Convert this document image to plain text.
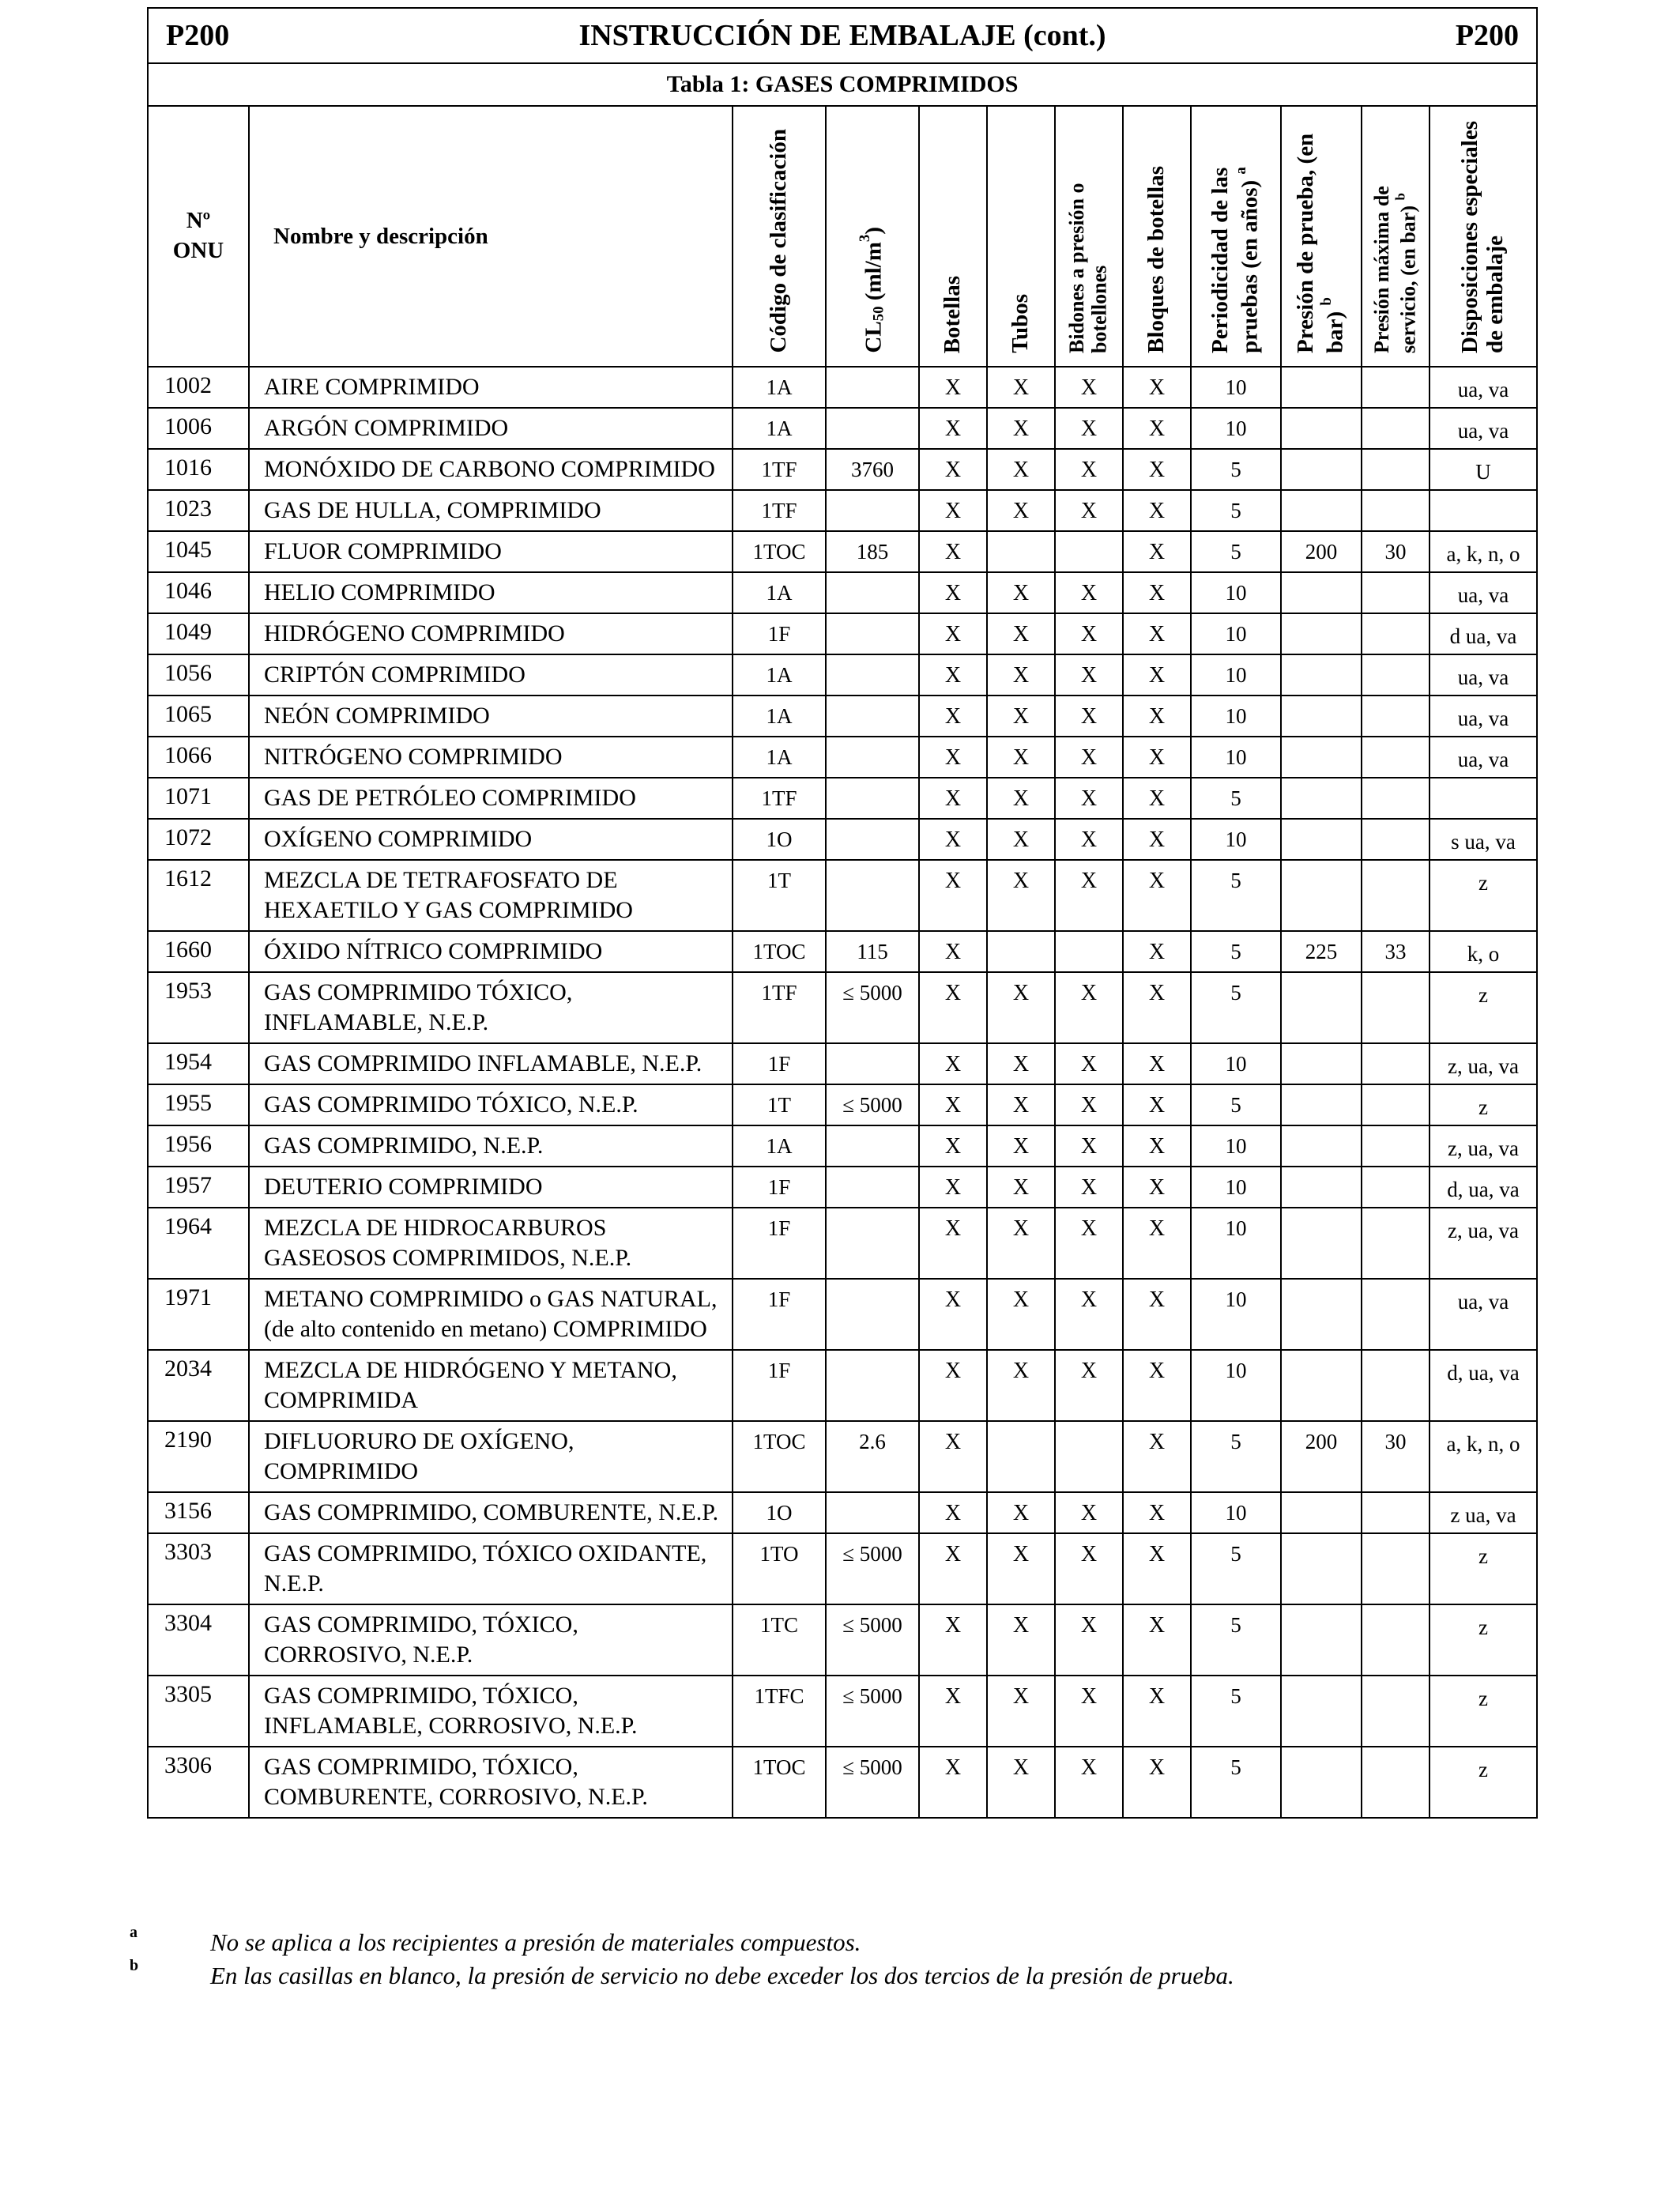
P200 INSTRUCCIÓN DE EMBALAJE (cont.) P200											

Tabla 1: GASES COMPRIMIDOS											
Nº
ONU	Nombre y descripción	Código de clasificación	$CL_{50}$ $(ml/m^3)$	Botellas	Tubos	Bidones a presión o botellones	Bloques de botellas	Periodicidad de las pruebas (en años) $^a$	Presión de prueba, (en bar) $^b$	Presión máxima de servicio, (en bar) $^b$	Disposiciones especiales de embalaje
1002	AIRE COMPRIMIDO	1A		X	X	X	X	10			ua, va
1006	ARGÓN COMPRIMIDO	1A		X	X	X	X	10			ua, va
1016	MONÓXIDO DE CARBONO COMPRIMIDO	1TF	3760	X	X	X	X	5			U
1023	GAS DE HULLA, COMPRIMIDO	1TF		X	X	X	X	5			
1045	FLUOR COMPRIMIDO	1TOC	185	X			X	5	200	30	a, k, n, o
1046	HELIO COMPRIMIDO	1A		X	X	X	X	10			ua, va
1049	HIDRÓGENO COMPRIMIDO	1F		X	X	X	X	10			d ua, va
1056	CRIPTÓN COMPRIMIDO	1A		X	X	X	X	10			ua, va
1065	NEÓN COMPRIMIDO	1A		X	X	X	X	10			ua, va
1066	NITRÓGENO COMPRIMIDO	1A		X	X	X	X	10			ua, va
1071	GAS DE PETRÓLEO COMPRIMIDO	1TF		X	X	X	X	5			
1072	OXÍGENO COMPRIMIDO	1O		X	X	X	X	10			s ua, va
1612	MEZCLA DE TETRAFOSFATO DE HEXAETILO Y GAS COMPRIMIDO	1T		X	X	X	X	5			z
1660	ÓXIDO NÍTRICO COMPRIMIDO	1TOC	115	X			X	5	225	33	k, o
1953	GAS COMPRIMIDO TÓXICO, INFLAMABLE, N.E.P.	1TF	≤ 5000	X	X	X	X	5			z
1954	GAS COMPRIMIDO INFLAMABLE, N.E.P.	1F		X	X	X	X	10			z, ua, va
1955	GAS COMPRIMIDO TÓXICO, N.E.P.	1T	≤ 5000	X	X	X	X	5			z
1956	GAS COMPRIMIDO, N.E.P.	1A		X	X	X	X	10			z, ua, va
1957	DEUTERIO COMPRIMIDO	1F		X	X	X	X	10			d, ua, va
1964	MEZCLA DE HIDROCARBUROS GASEOSOS COMPRIMIDOS, N.E.P.	1F		X	X	X	X	10			z, ua, va
1971	METANO COMPRIMIDO o GAS NATURAL, (de alto contenido en metano) COMPRIMIDO	1F		X	X	X	X	10			ua, va
2034	MEZCLA DE HIDRÓGENO Y METANO, COMPRIMIDA	1F		X	X	X	X	10			d, ua, va
2190	DIFLUORURO DE OXÍGENO, COMPRIMIDO	1TOC	2.6	X			X	5	200	30	a, k, n, o
3156	GAS COMPRIMIDO, COMBURENTE, N.E.P.	1O		X	X	X	X	10			z ua, va
3303	GAS COMPRIMIDO, TÓXICO OXIDANTE, N.E.P.	1TO	≤ 5000	X	X	X	X	5			z
3304	GAS COMPRIMIDO, TÓXICO, CORROSIVO, N.E.P.	1TC	≤ 5000	X	X	X	X	5			z
3305	GAS COMPRIMIDO, TÓXICO, INFLAMABLE, CORROSIVO, N.E.P.	1TFC	≤ 5000	X	X	X	X	5			z
3306	GAS COMPRIMIDO, TÓXICO, COMBURENTE, CORROSIVO, N.E.P.	1TOC	≤ 5000	X	X	X	X	5			z
a	No se aplica a los recipientes a presión de materiales compuestos.
b	En las casillas en blanco, la presión de servicio no debe exceder los dos tercios de la presión de prueba.
